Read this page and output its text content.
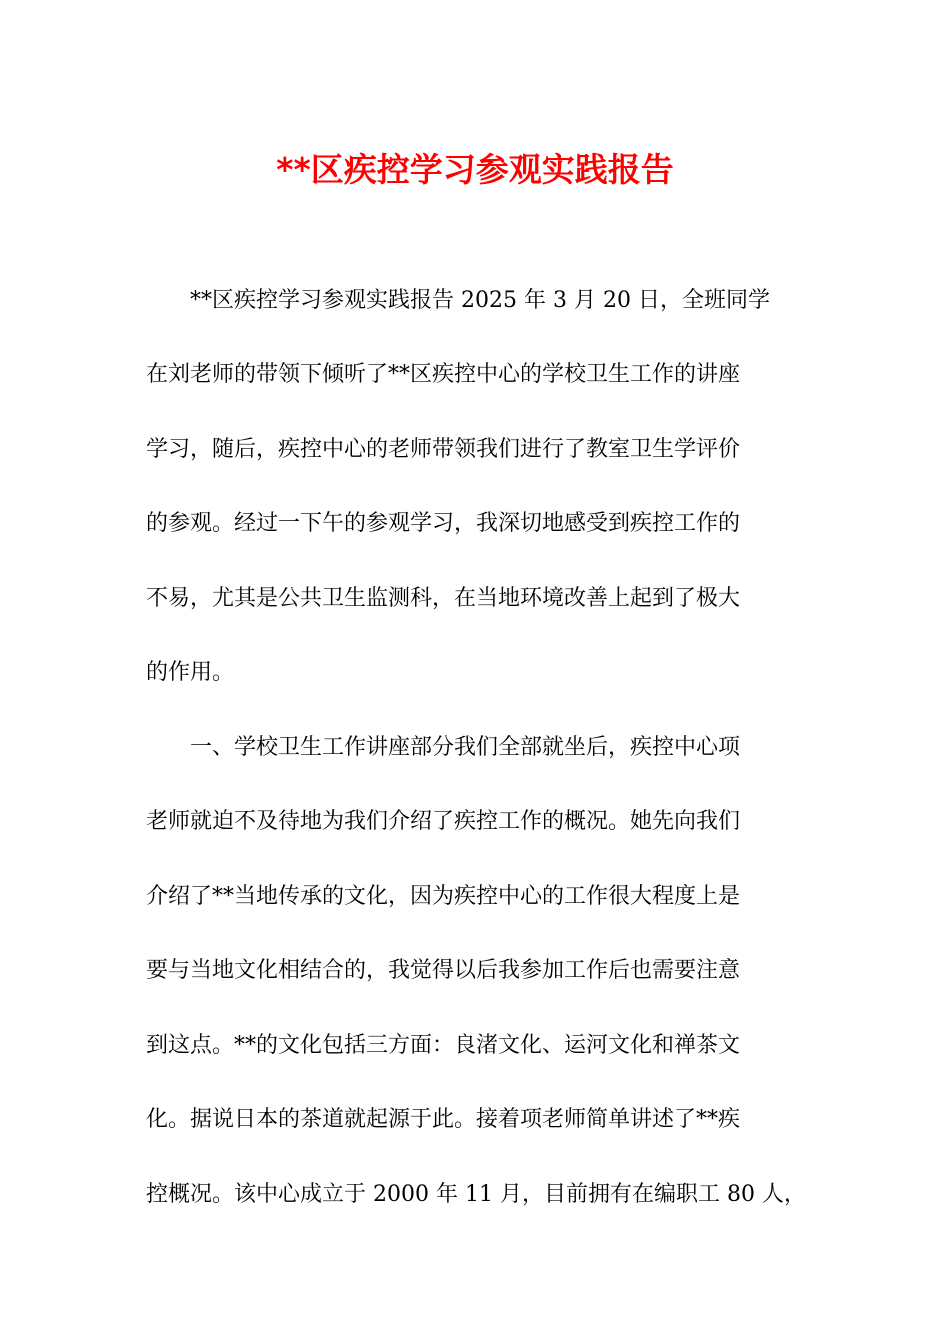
**区疾控学习参观实践报告

**区疾控学习参观实践报告 2025 年 3 月 20 日，全班同学

在刘老师的带领下倾听了**区疾控中心的学校卫生工作的讲座

学习，随后，疾控中心的老师带领我们进行了教室卫生学评价

的参观。经过一下午的参观学习，我深切地感受到疾控工作的

不易，尤其是公共卫生监测科，在当地环境改善上起到了极大

的作用。

一、学校卫生工作讲座部分我们全部就坐后，疾控中心项

老师就迫不及待地为我们介绍了疾控工作的概况。她先向我们

介绍了**当地传承的文化，因为疾控中心的工作很大程度上是

要与当地文化相结合的，我觉得以后我参加工作后也需要注意

到这点。**的文化包括三方面：良渚文化、运河文化和禅茶文

化。据说日本的茶道就起源于此。接着项老师简单讲述了**疾

控概况。该中心成立于 2000 年 11 月，目前拥有在编职工 80 人，
